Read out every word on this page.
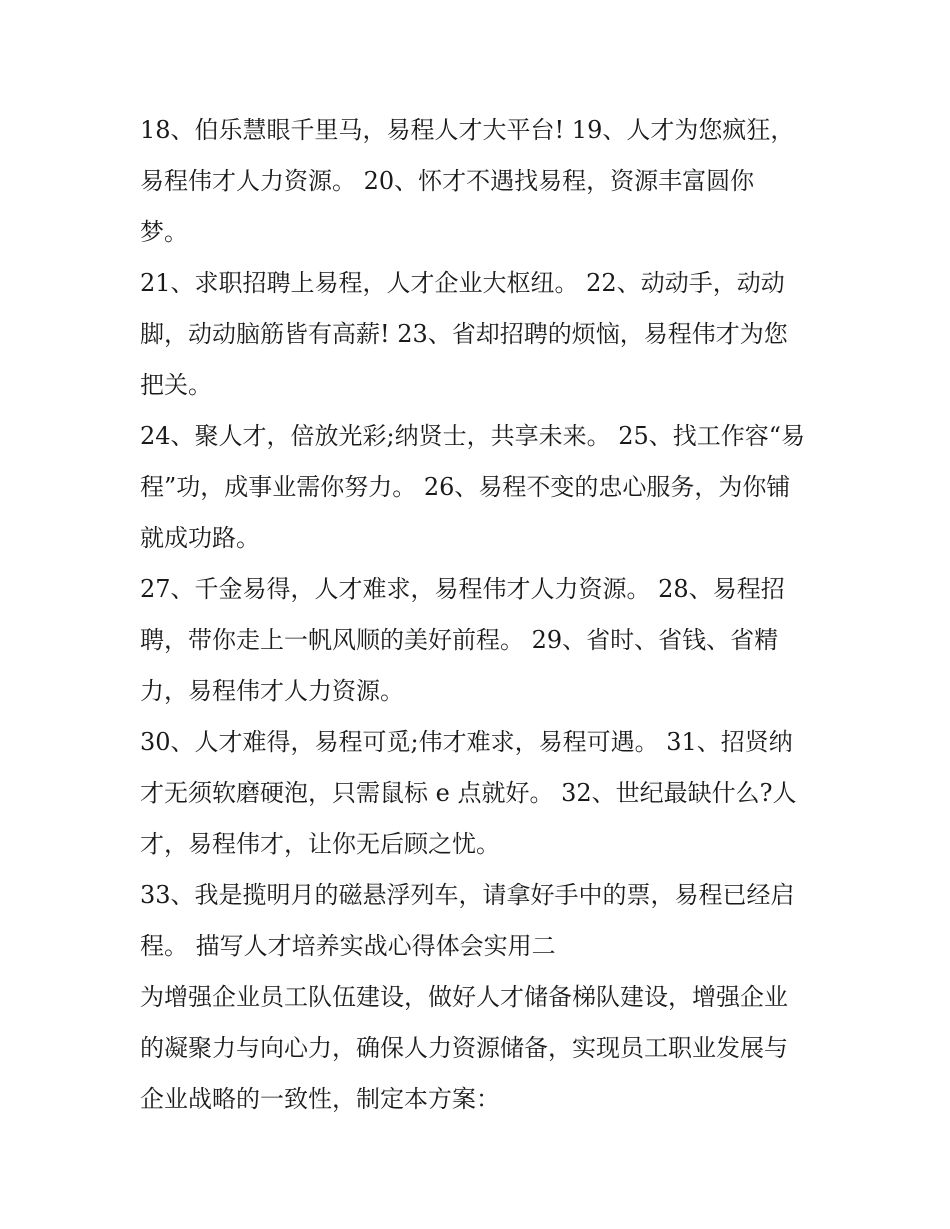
18、伯乐慧眼千里马，易程人才大平台! 19、人才为您疯狂，
易程伟才人力资源。 20、怀才不遇找易程，资源丰富圆你
梦。
21、求职招聘上易程，人才企业大枢纽。 22、动动手，动动
脚，动动脑筋皆有高薪! 23、省却招聘的烦恼，易程伟才为您
把关。
24、聚人才，倍放光彩;纳贤士，共享未来。 25、找工作容“易
程”功，成事业需你努力。 26、易程不变的忠心服务，为你铺
就成功路。
27、千金易得，人才难求，易程伟才人力资源。 28、易程招
聘，带你走上一帆风顺的美好前程。 29、省时、省钱、省精
力，易程伟才人力资源。
30、人才难得，易程可觅;伟才难求，易程可遇。 31、招贤纳
才无须软磨硬泡，只需鼠标 e 点就好。 32、世纪最缺什么?人
才，易程伟才，让你无后顾之忧。
33、我是揽明月的磁悬浮列车，请拿好手中的票，易程已经启
程。 描写人才培养实战心得体会实用二
为增强企业员工队伍建设，做好人才储备梯队建设，增强企业
的凝聚力与向心力，确保人力资源储备，实现员工职业发展与
企业战略的一致性，制定本方案：
